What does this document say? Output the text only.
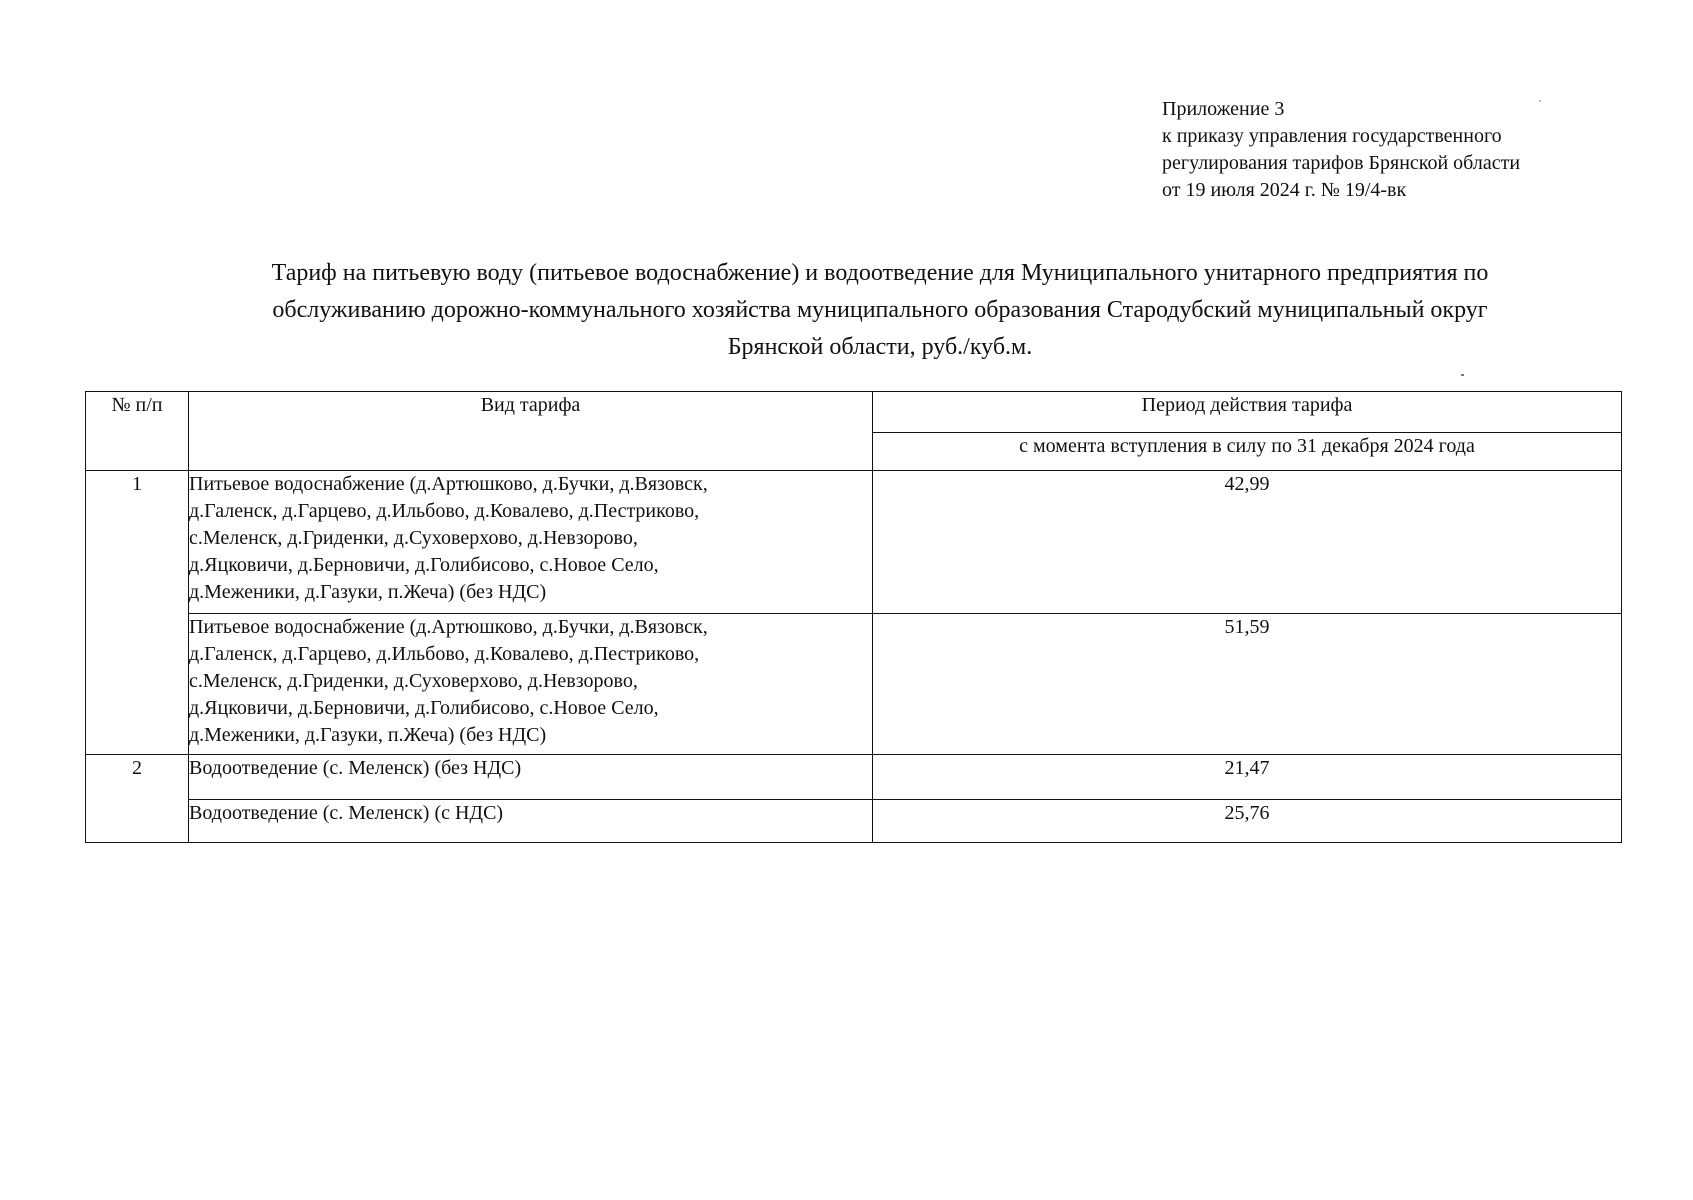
Приложение 3
к приказу управления государственного
регулирования тарифов Брянской области
от 19 июля 2024 г. № 19/4-вк
Тариф на питьевую воду (питьевое водоснабжение) и водоотведение для Муниципального унитарного предприятия по
обслуживанию дорожно-коммунального хозяйства муниципального образования Стародубский муниципальный округ
Брянской области, руб./куб.м.
№ п/п	Вид тарифа	Период действия тарифа
		с момента вступления в силу по 31 декабря 2024 года
1	Питьевое водоснабжение (д.Артюшково, д.Бучки, д.Вязовск,
д.Галенск, д.Гарцево, д.Ильбово, д.Ковалево, д.Пестриково,
с.Меленск, д.Гриденки, д.Суховерхово, д.Невзорово,
д.Яцковичи, д.Берновичи, д.Голибисово, с.Новое Село,
д.Меженики, д.Газуки, п.Жеча) (без НДС)	42,99

	Питьевое водоснабжение (д.Артюшково, д.Бучки, д.Вязовск,
д.Галенск, д.Гарцево, д.Ильбово, д.Ковалево, д.Пестриково,
с.Меленск, д.Гриденки, д.Суховерхово, д.Невзорово,
д.Яцковичи, д.Берновичи, д.Голибисово, с.Новое Село,
д.Меженики, д.Газуки, п.Жеча) (без НДС)	51,59
2	Водоотведение (с. Меленск) (без НДС)	21,47

	Водоотведение (с. Меленск) (с НДС)	25,76
